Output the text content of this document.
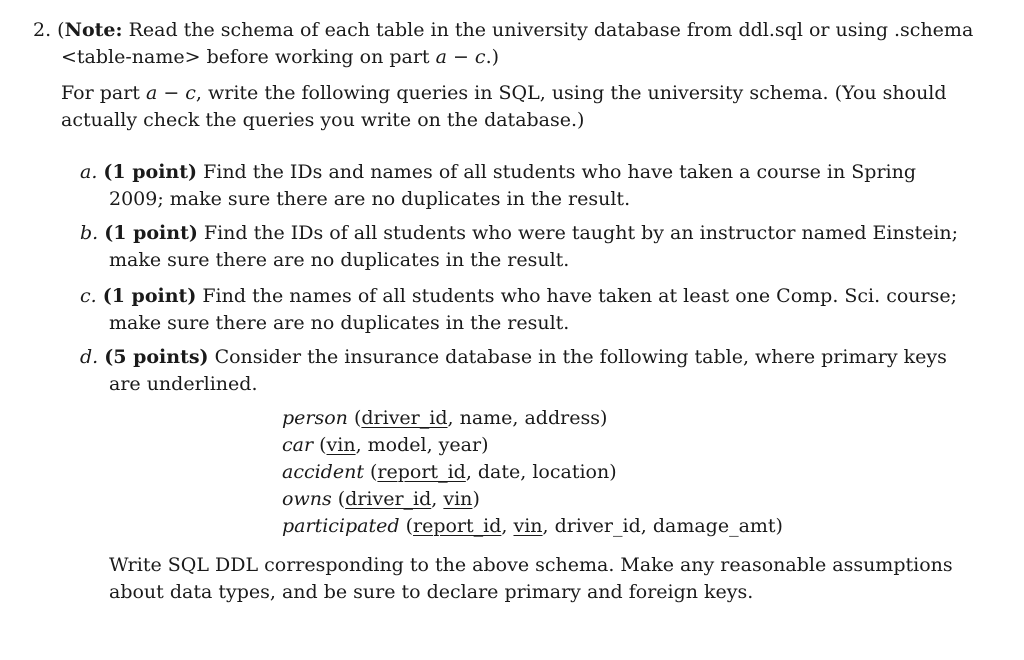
2. (Note: Read the schema of each table in the university database from ddl.sql or using .schema
<table-name> before working on part a − c.)
For part a − c, write the following queries in SQL, using the university schema. (You should
actually check the queries you write on the database.)
a. (1 point) Find the IDs and names of all students who have taken a course in Spring
2009; make sure there are no duplicates in the result.
b. (1 point) Find the IDs of all students who were taught by an instructor named Einstein;
make sure there are no duplicates in the result.
c. (1 point) Find the names of all students who have taken at least one Comp. Sci. course;
make sure there are no duplicates in the result.
d. (5 points) Consider the insurance database in the following table, where primary keys
are underlined.
person (driver_id, name, address)
car (vin, model, year)
accident (report_id, date, location)
owns (driver_id, vin)
participated (report_id, vin, driver_id, damage_amt)
Write SQL DDL corresponding to the above schema. Make any reasonable assumptions
about data types, and be sure to declare primary and foreign keys.
